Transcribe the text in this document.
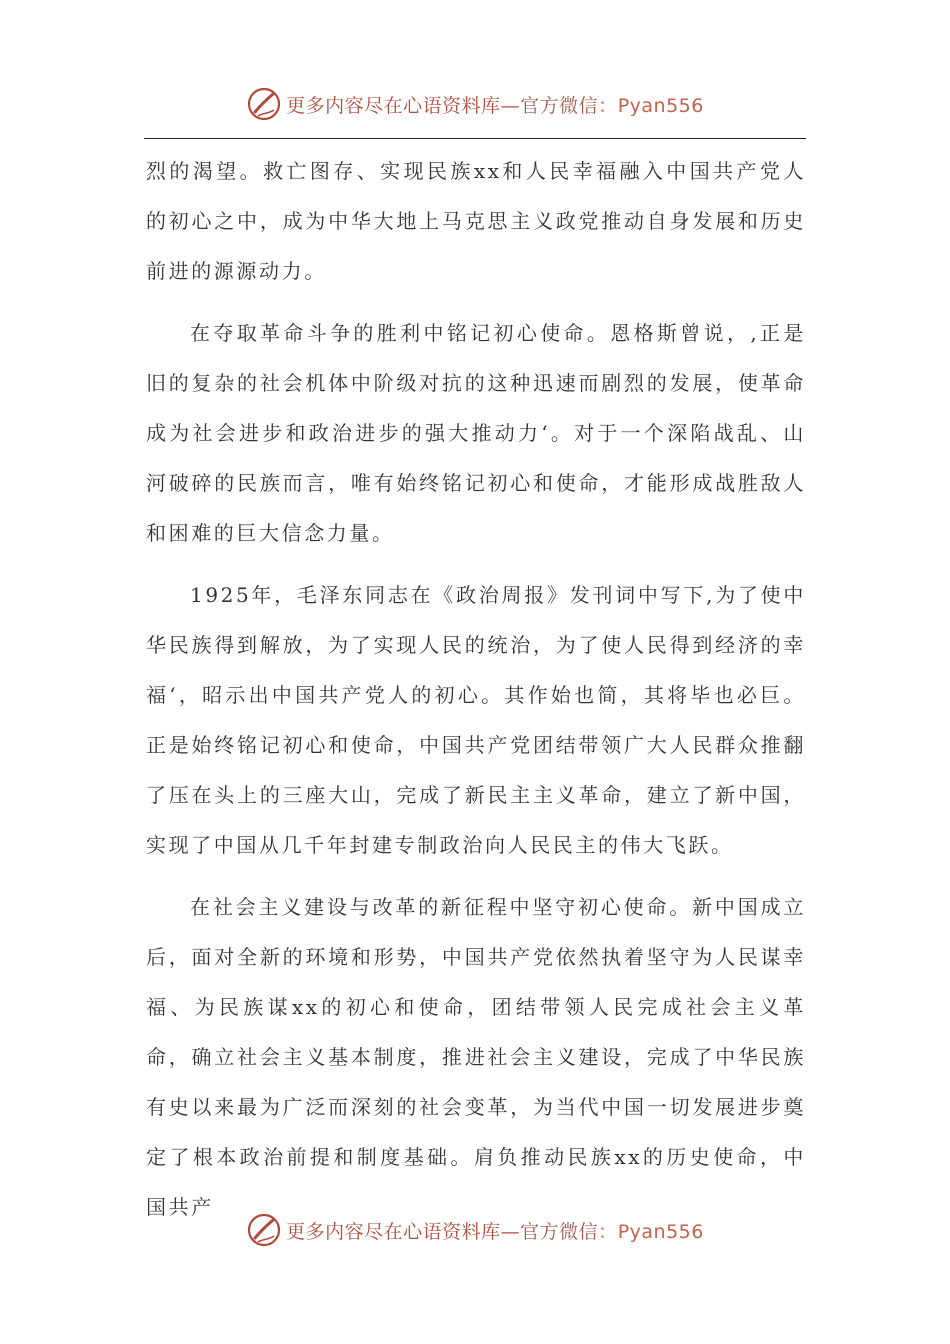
更多内容尽在心语资料库—官方微信：Pyan556

烈的渴望。救亡图存、实现民族xx和人民幸福融入中国共产党人的初心之中，成为中华大地上马克思主义政党推动自身发展和历史前进的源源动力。

在夺取革命斗争的胜利中铭记初心使命。恩格斯曾说，,正是旧的复杂的社会机体中阶级对抗的这种迅速而剧烈的发展，使革命成为社会进步和政治进步的强大推动力‘。对于一个深陷战乱、山河破碎的民族而言，唯有始终铭记初心和使命，才能形成战胜敌人和困难的巨大信念力量。

1925年，毛泽东同志在《政治周报》发刊词中写下,为了使中华民族得到解放，为了实现人民的统治，为了使人民得到经济的幸福‘，昭示出中国共产党人的初心。其作始也简，其将毕也必巨。正是始终铭记初心和使命，中国共产党团结带领广大人民群众推翻了压在头上的三座大山，完成了新民主主义革命，建立了新中国，实现了中国从几千年封建专制政治向人民民主的伟大飞跃。

在社会主义建设与改革的新征程中坚守初心使命。新中国成立后，面对全新的环境和形势，中国共产党依然执着坚守为人民谋幸福、为民族谋xx的初心和使命，团结带领人民完成社会主义革命，确立社会主义基本制度，推进社会主义建设，完成了中华民族有史以来最为广泛而深刻的社会变革，为当代中国一切发展进步奠定了根本政治前提和制度基础。肩负推动民族xx的历史使命，中国共产

更多内容尽在心语资料库—官方微信：Pyan556
